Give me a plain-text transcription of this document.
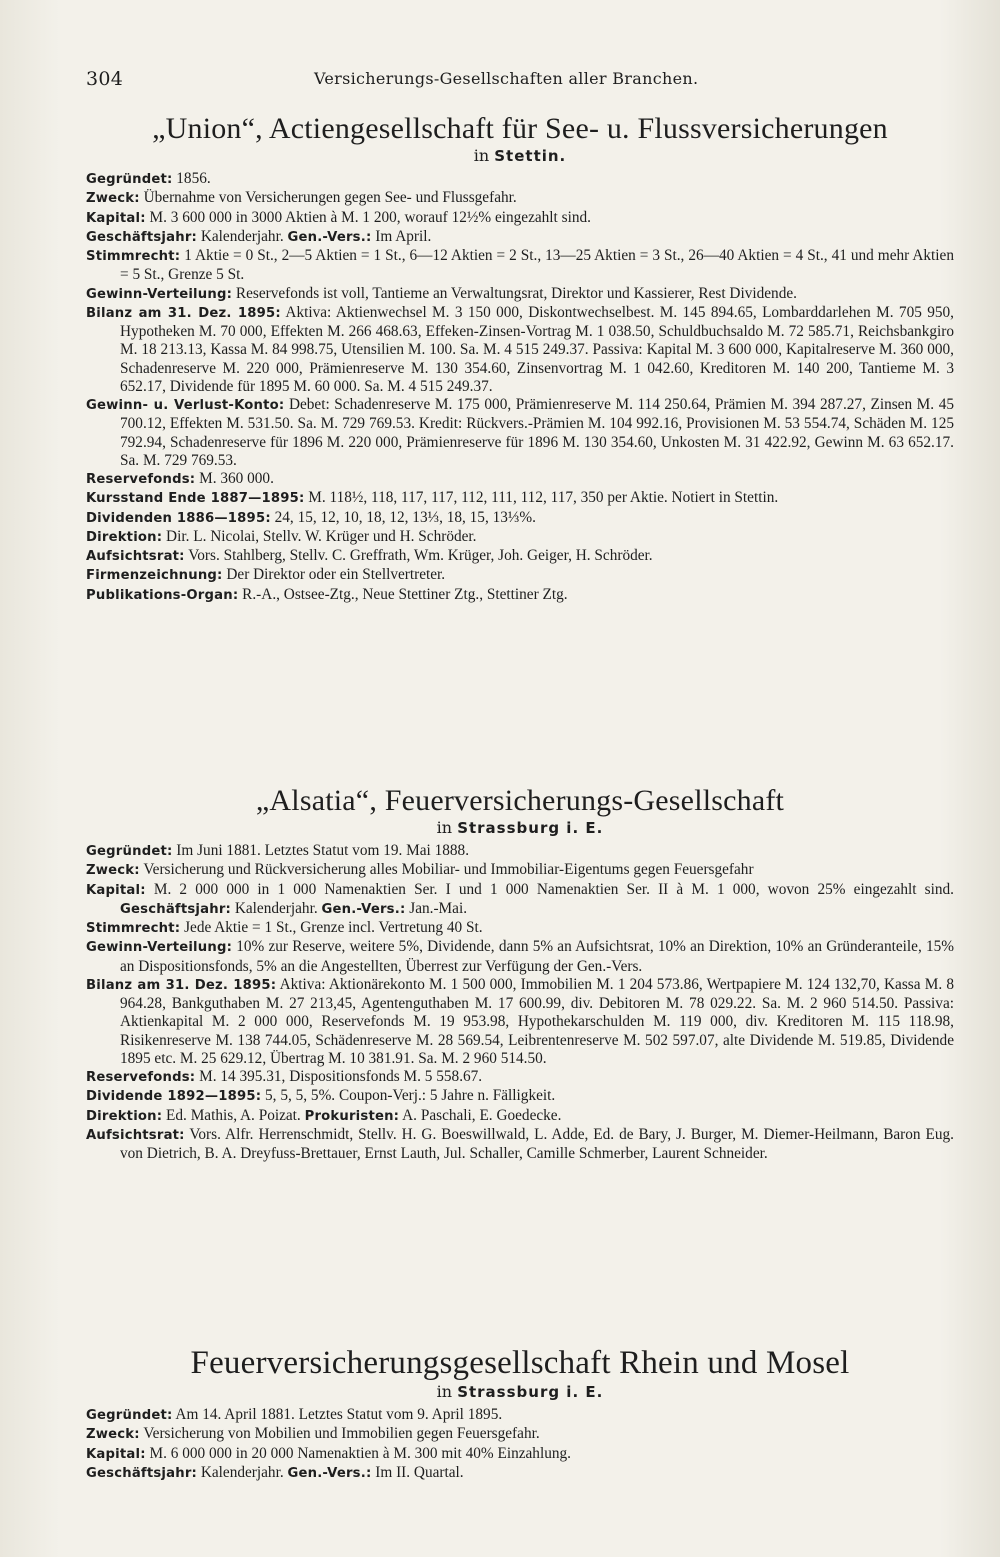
304	Versicherungs-Gesellschaften aller Branchen.
„Union“, Actiengesellschaft für See- u. Flussversicherungen
in Stettin.
Gegründet: 1856.
Zweck: Übernahme von Versicherungen gegen See- und Flussgefahr.
Kapital: M. 3 600 000 in 3000 Aktien à M. 1 200, worauf 12½% eingezahlt sind.
Geschäftsjahr: Kalenderjahr. Gen.-Vers.: Im April.
Stimmrecht: 1 Aktie = 0 St., 2—5 Aktien = 1 St., 6—12 Aktien = 2 St., 13—25 Aktien = 3 St., 26—40 Aktien = 4 St., 41 und mehr Aktien = 5 St., Grenze 5 St.
Gewinn-Verteilung: Reservefonds ist voll, Tantieme an Verwaltungsrat, Direktor und Kassierer, Rest Dividende.
Bilanz am 31. Dez. 1895: Aktiva: Aktienwechsel M. 3 150 000, Diskontwechselbest. M. 145 894.65, Lombarddarlehen M. 705 950, Hypotheken M. 70 000, Effekten M. 266 468.63, Effeken-Zinsen-Vortrag M. 1 038.50, Schuldbuchsaldo M. 72 585.71, Reichsbankgiro M. 18 213.13, Kassa M. 84 998.75, Utensilien M. 100. Sa. M. 4 515 249.37. Passiva: Kapital M. 3 600 000, Kapitalreserve M. 360 000, Schadenreserve M. 220 000, Prämienreserve M. 130 354.60, Zinsenvortrag M. 1 042.60, Kreditoren M. 140 200, Tantieme M. 3 652.17, Dividende für 1895 M. 60 000. Sa. M. 4 515 249.37.
Gewinn- u. Verlust-Konto: Debet: Schadenreserve M. 175 000, Prämienreserve M. 114 250.64, Prämien M. 394 287.27, Zinsen M. 45 700.12, Effekten M. 531.50. Sa. M. 729 769.53. Kredit: Rückvers.-Prämien M. 104 992.16, Provisionen M. 53 554.74, Schäden M. 125 792.94, Schadenreserve für 1896 M. 220 000, Prämienreserve für 1896 M. 130 354.60, Unkosten M. 31 422.92, Gewinn M. 63 652.17. Sa. M. 729 769.53.
Reservefonds: M. 360 000.
Kursstand Ende 1887—1895: M. 118½, 118, 117, 117, 112, 111, 112, 117, 350 per Aktie. Notiert in Stettin.
Dividenden 1886—1895: 24, 15, 12, 10, 18, 12, 13⅓, 18, 15, 13⅓%.
Direktion: Dir. L. Nicolai, Stellv. W. Krüger und H. Schröder.
Aufsichtsrat: Vors. Stahlberg, Stellv. C. Greffrath, Wm. Krüger, Joh. Geiger, H. Schröder.
Firmenzeichnung: Der Direktor oder ein Stellvertreter.
Publikations-Organ: R.-A., Ostsee-Ztg., Neue Stettiner Ztg., Stettiner Ztg.
„Alsatia“, Feuerversicherungs-Gesellschaft
in Strassburg i. E.
Gegründet: Im Juni 1881. Letztes Statut vom 19. Mai 1888.
Zweck: Versicherung und Rückversicherung alles Mobiliar- und Immobiliar-Eigentums gegen Feuersgefahr
Kapital: M. 2 000 000 in 1 000 Namenaktien Ser. I und 1 000 Namenaktien Ser. II à M. 1 000, wovon 25% eingezahlt sind. Geschäftsjahr: Kalenderjahr. Gen.-Vers.: Jan.-Mai.
Stimmrecht: Jede Aktie = 1 St., Grenze incl. Vertretung 40 St.
Gewinn-Verteilung: 10% zur Reserve, weitere 5%, Dividende, dann 5% an Aufsichtsrat, 10% an Direktion, 10% an Gründeranteile, 15% an Dispositionsfonds, 5% an die Angestellten, Überrest zur Verfügung der Gen.-Vers.
Bilanz am 31. Dez. 1895: Aktiva: Aktionärekonto M. 1 500 000, Immobilien M. 1 204 573.86, Wertpapiere M. 124 132,70, Kassa M. 8 964.28, Bankguthaben M. 27 213,45, Agentenguthaben M. 17 600.99, div. Debitoren M. 78 029.22. Sa. M. 2 960 514.50. Passiva: Aktienkapital M. 2 000 000, Reservefonds M. 19 953.98, Hypothekarschulden M. 119 000, div. Kreditoren M. 115 118.98, Risikenreserve M. 138 744.05, Schädenreserve M. 28 569.54, Leibrentenreserve M. 502 597.07, alte Dividende M. 519.85, Dividende 1895 etc. M. 25 629.12, Übertrag M. 10 381.91. Sa. M. 2 960 514.50.
Reservefonds: M. 14 395.31, Dispositionsfonds M. 5 558.67.
Dividende 1892—1895: 5, 5, 5, 5%. Coupon-Verj.: 5 Jahre n. Fälligkeit.
Direktion: Ed. Mathis, A. Poizat. Prokuristen: A. Paschali, E. Goedecke.
Aufsichtsrat: Vors. Alfr. Herrenschmidt, Stellv. H. G. Boeswillwald, L. Adde, Ed. de Bary, J. Burger, M. Diemer-Heilmann, Baron Eug. von Dietrich, B. A. Dreyfuss-Brettauer, Ernst Lauth, Jul. Schaller, Camille Schmerber, Laurent Schneider.
Feuerversicherungsgesellschaft Rhein und Mosel
in Strassburg i. E.
Gegründet: Am 14. April 1881. Letztes Statut vom 9. April 1895.
Zweck: Versicherung von Mobilien und Immobilien gegen Feuersgefahr.
Kapital: M. 6 000 000 in 20 000 Namenaktien à M. 300 mit 40% Einzahlung.
Geschäftsjahr: Kalenderjahr. Gen.-Vers.: Im II. Quartal.
